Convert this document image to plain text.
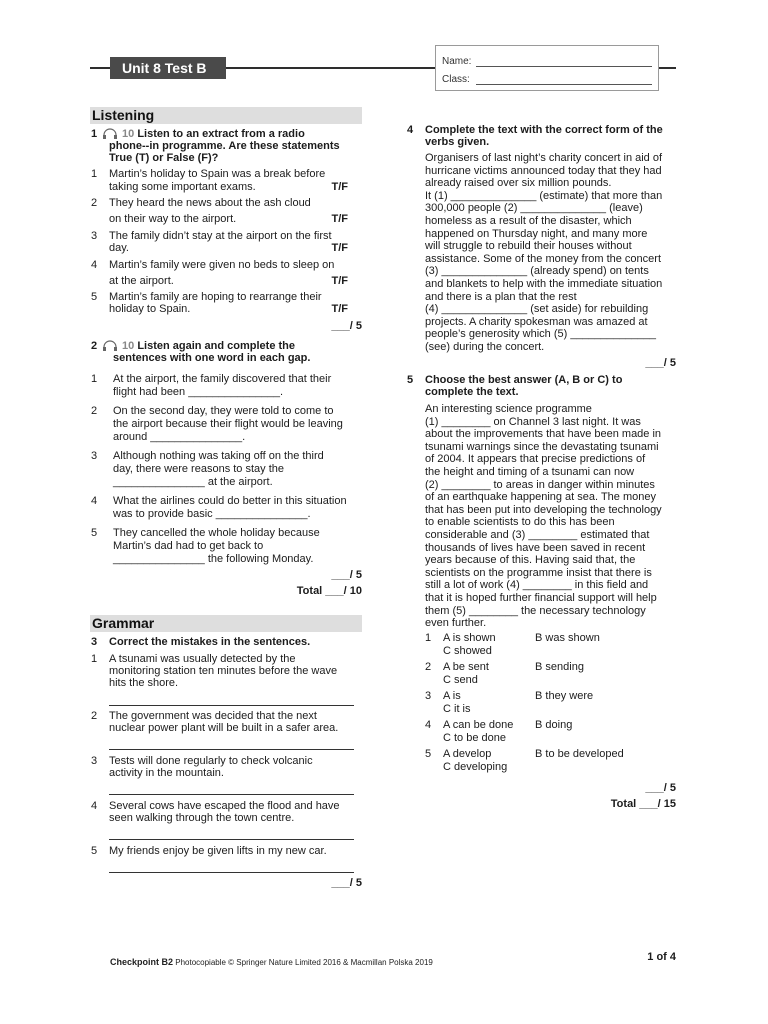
Unit 8 Test B	Name:
Class:
Listening
1 10 Listen to an extract from a radio
phone--in programme. Are these statements
True (T) or False (F)?
1 Martin’s holiday to Spain was a break before
taking some important exams.	T/F
2 They heard the news about the ash cloud
on their way to the airport.	T/F
3 The family didn’t stay at the airport on the first
day.	T/F
4 Martin’s family were given no beds to sleep on
at the airport.	T/F
5 Martin’s family are hoping to rearrange their
holiday to Spain.	T/F
___/ 5
2 10 Listen again and complete the
sentences with one word in each gap.
1 At the airport, the family discovered that their
flight had been _______________.
2 On the second day, they were told to come to
the airport because their flight would be leaving
around _______________.
3 Although nothing was taking off on the third
day, there were reasons to stay the
_______________ at the airport.
4 What the airlines could do better in this situation
was to provide basic _______________.
5 They cancelled the whole holiday because
Martin’s dad had to get back to
_______________ the following Monday.
___/ 5
Total ___/ 10
Grammar
3 Correct the mistakes in the sentences.
1 A tsunami was usually detected by the
monitoring station ten minutes before the wave
hits the shore.
2 The government was decided that the next
nuclear power plant will be built in a safer area.
3 Tests will done regularly to check volcanic
activity in the mountain.
4 Several cows have escaped the flood and have
seen walking through the town centre.
5 My friends enjoy be given lifts in my new car.
___/ 5
4 Complete the text with the correct form of the
verbs given.
Organisers of last night’s charity concert in aid of
hurricane victims announced today that they had
already raised over six million pounds.
It (1) ______________ (estimate) that more than
300,000 people (2) ______________ (leave)
homeless as a result of the disaster, which
happened on Thursday night, and many more
will struggle to rebuild their houses without
assistance. Some of the money from the concert
(3) ______________ (already spend) on tents
and blankets to help with the immediate situation
and there is a plan that the rest
(4) ______________ (set aside) for rebuilding
projects. A charity spokesman was amazed at
people’s generosity which (5) ______________
(see) during the concert.
___/ 5
5 Choose the best answer (A, B or C) to
complete the text.
An interesting science programme
(1) ________ on Channel 3 last night. It was
about the improvements that have been made in
tsunami warnings since the devastating tsunami
of 2004. It appears that precise predictions of
the height and timing of a tsunami can now
(2) ________ to areas in danger within minutes
of an earthquake happening at sea. The money
that has been put into developing the technology
to enable scientists to do this has been
considerable and (3) ________ estimated that
thousands of lives have been saved in recent
years because of this. Having said that, the
scientists on the programme insist that there is
still a lot of work (4) ________ in this field and
that it is hoped further financial support will help
them (5) ________ the necessary technology
even further.
1 A is shown	B was shown
C showed
2 A be sent	B sending
C send
3 A is	B they were
C it is
4 A can be done B doing
C to be done
5 A develop	B to be developed
C developing
___/ 5
Total ___/ 15
Checkpoint B2 Photocopiable © Springer Nature Limited 2016 & Macmillan Polska 2019	1 of 4
